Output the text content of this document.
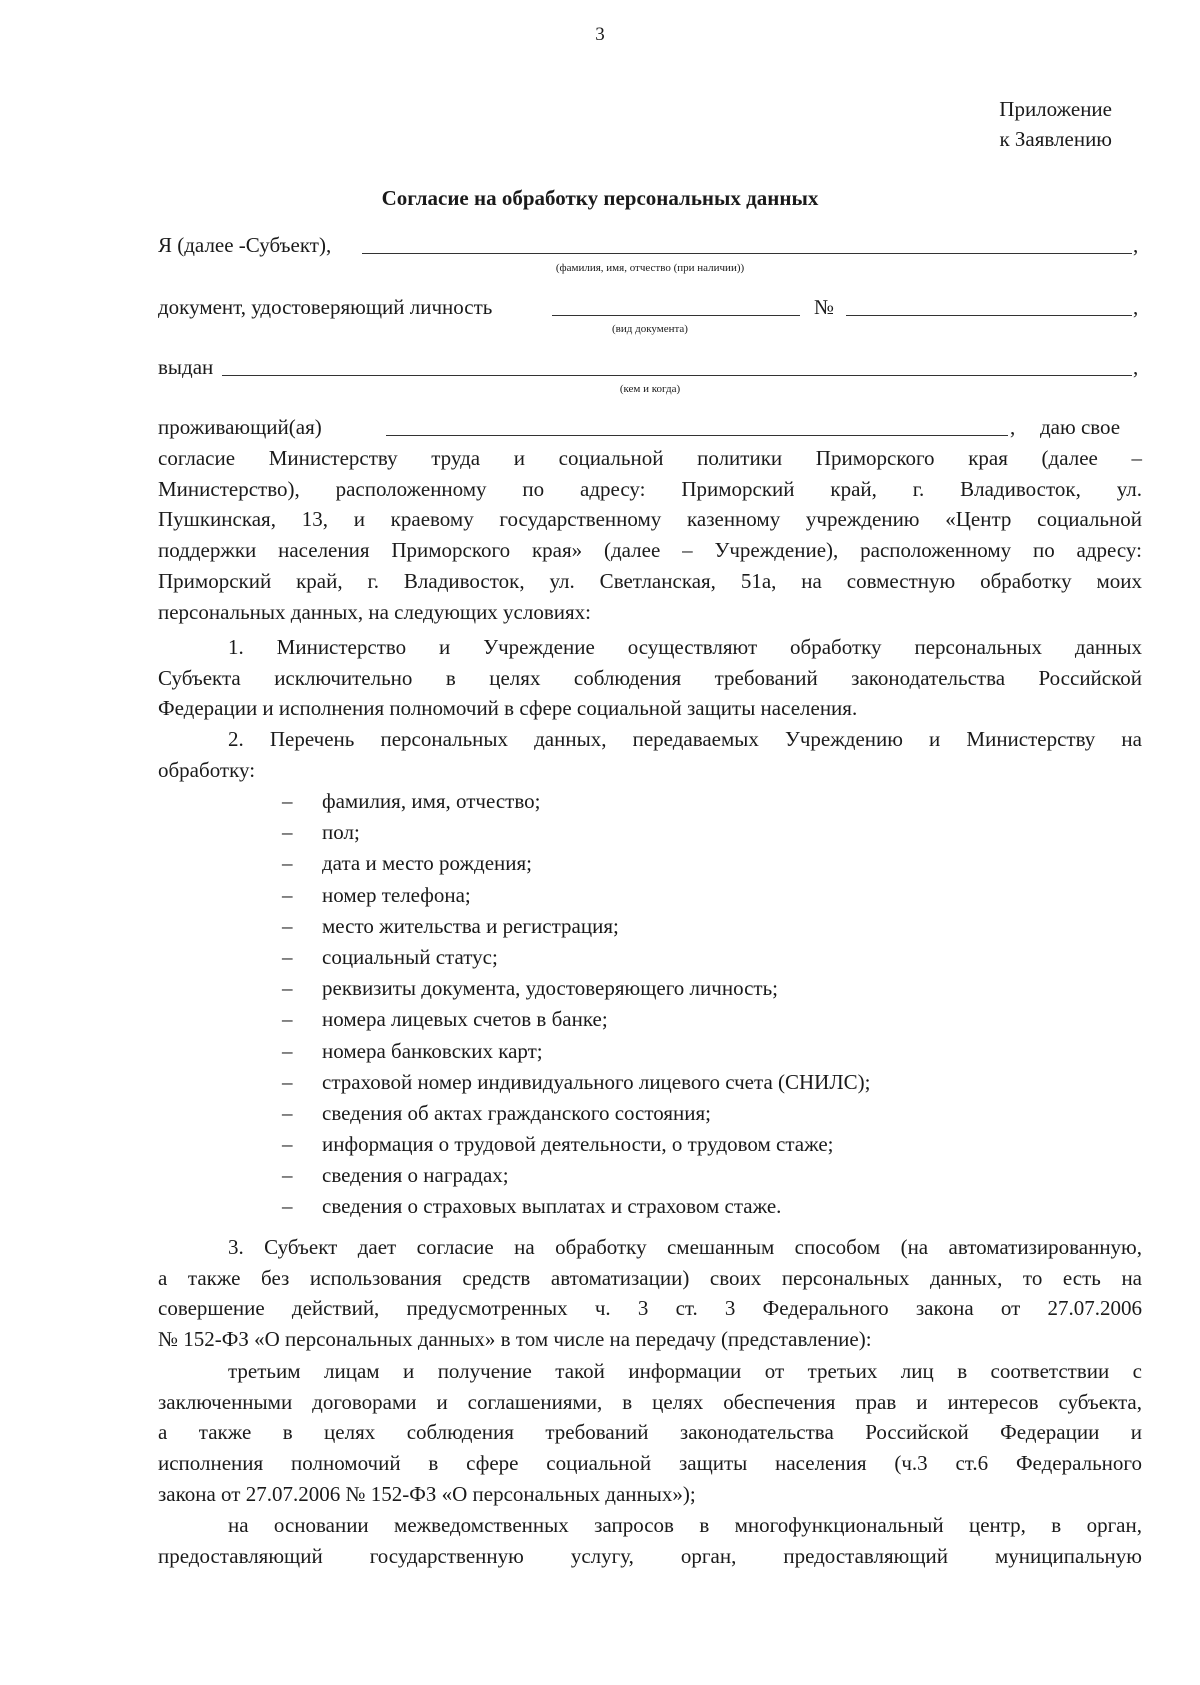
3
Приложение
к Заявлению
Согласие на обработку персональных данных
Я (далее -Субъект),	,
(фамилия, имя, отчество (при наличии))
документ, удостоверяющий личность	№	,
(вид документа)
выдан	,
(кем и когда)
проживающий(ая)	, даю свое
согласие Министерству труда и социальной политики Приморского края (далее –
Министерство), расположенному по адресу: Приморский край, г. Владивосток, ул.
Пушкинская, 13, и краевому государственному казенному учреждению «Центр социальной
поддержки населения Приморского края» (далее – Учреждение), расположенному по адресу:
Приморский край, г. Владивосток, ул. Светланская, 51а, на совместную обработку моих
персональных данных, на следующих условиях:
1. Министерство и Учреждение осуществляют обработку персональных данных
Субъекта исключительно в целях соблюдения требований законодательства Российской
Федерации и исполнения полномочий в сфере социальной защиты населения.
2. Перечень персональных данных, передаваемых Учреждению и Министерству на
обработку:
– фамилия, имя, отчество;
– пол;
– дата и место рождения;
– номер телефона;
– место жительства и регистрация;
– социальный статус;
– реквизиты документа, удостоверяющего личность;
– номера лицевых счетов в банке;
– номера банковских карт;
– страховой номер индивидуального лицевого счета (СНИЛС);
– сведения об актах гражданского состояния;
– информация о трудовой деятельности, о трудовом стаже;
– сведения о наградах;
– сведения о страховых выплатах и страховом стаже.
3. Субъект дает согласие на обработку смешанным способом (на автоматизированную,
а также без использования средств автоматизации) своих персональных данных, то есть на
совершение действий, предусмотренных ч. 3 ст. 3 Федерального закона от 27.07.2006
№ 152-ФЗ «О персональных данных» в том числе на передачу (представление):
третьим лицам и получение такой информации от третьих лиц в соответствии с
заключенными договорами и соглашениями, в целях обеспечения прав и интересов субъекта,
а также в целях соблюдения требований законодательства Российской Федерации и
исполнения полномочий в сфере социальной защиты населения (ч.3 ст.6 Федерального
закона от 27.07.2006 № 152-ФЗ «О персональных данных»);
на основании межведомственных запросов в многофункциональный центр, в орган,
предоставляющий государственную услугу, орган, предоставляющий муниципальную
